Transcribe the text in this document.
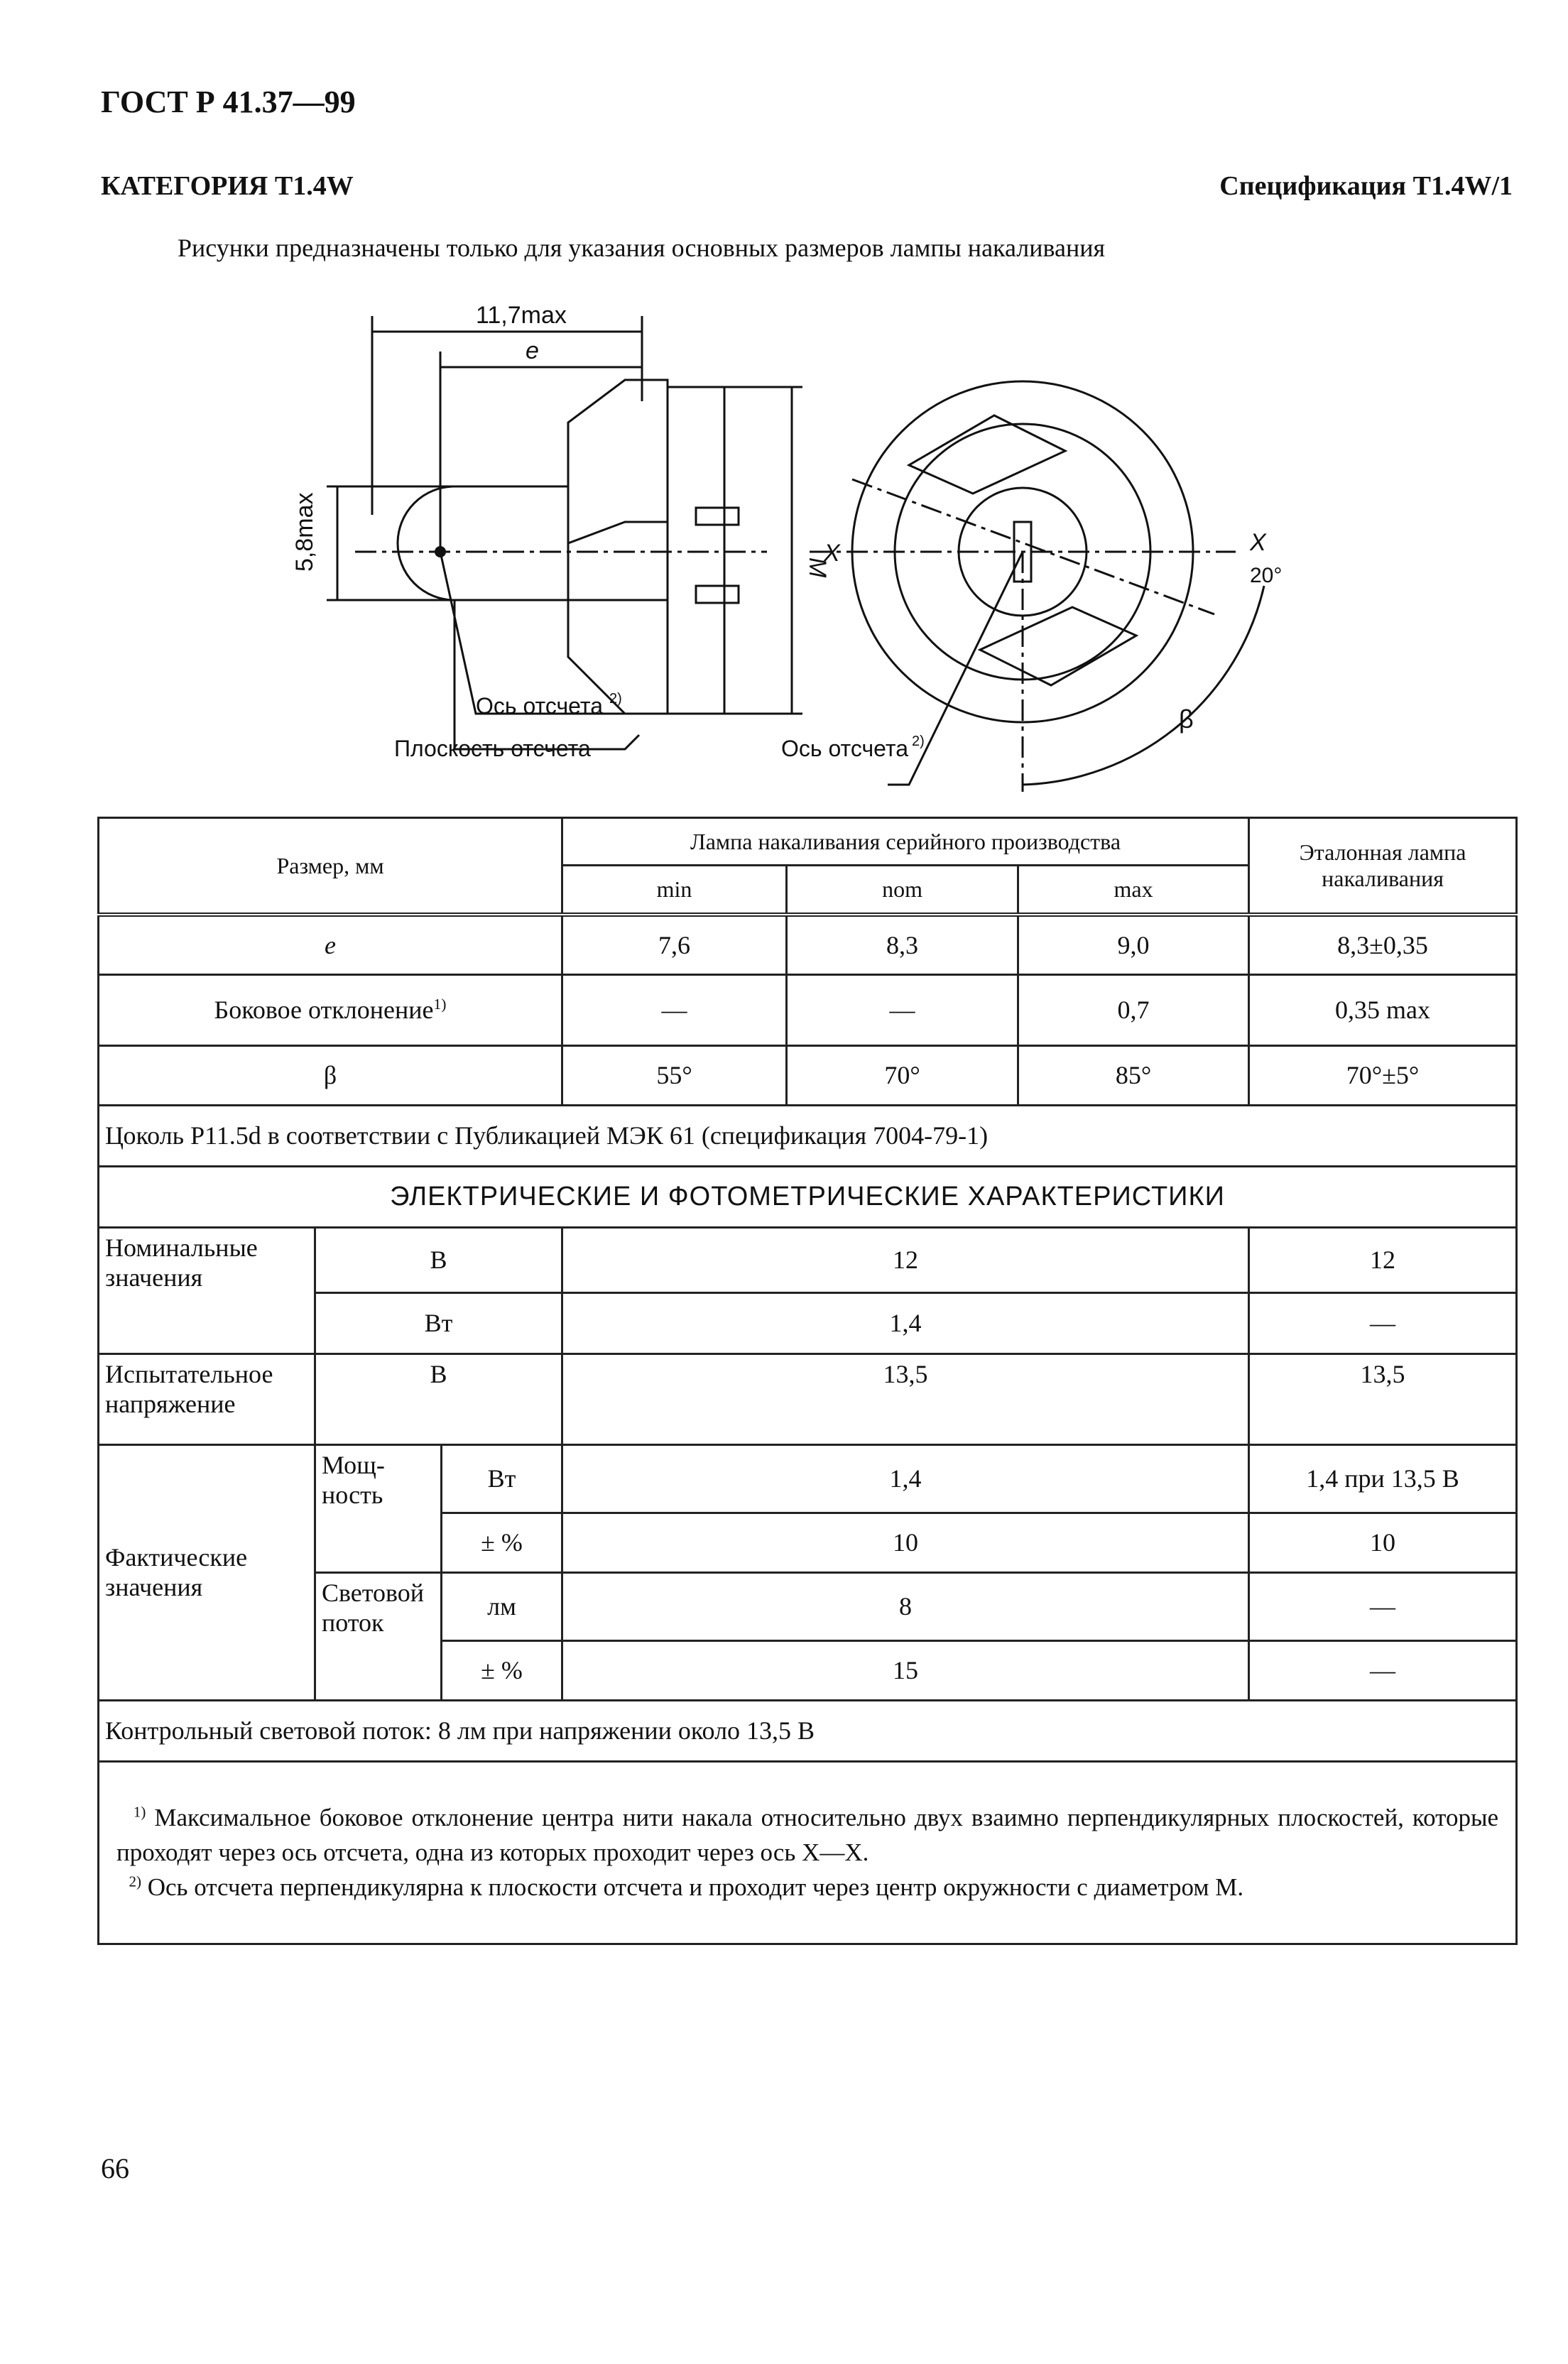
ГОСТ Р 41.37—99
КАТЕГОРИЯ Т1.4W	Спецификация Т1.4W/1
Рисунки предназначены только для указания основных размеров лампы накаливания
11,7max
e
5,8max	M
Ось отсчета 2)
Плоскость отсчета	Ось отсчета 2)
X	X
20°
β
Размер, мм			Лампа накаливания серийного производства			Эталонная лампа накаливания
			min	nom	max	
e			7,6	8,3	9,0	8,3±0,35
Боковое отклонение$^{1)}$			—	—	0,7	0,35 max
β			55°	70°	85°	70°±5°
Цоколь P11.5d в соответствии с Публикацией МЭК 61 (спецификация 7004-79-1)						
ЭЛЕКТРИЧЕСКИЕ И ФОТОМЕТРИЧЕСКИЕ ХАРАКТЕРИСТИКИ						
Номинальные значения	В		12			12
	Вт		1,4			—
Испытательное напряжение	В		13,5			13,5
Фактические значения	Мощ-ность	Вт	1,4			1,4 при 13,5 В
		± %	10			10
	Световой поток	лм	8			—
		± %	15			—
Контрольный световой поток: 8 лм при напряжении около 13,5 В						

$^{1)}$ Максимальное боковое отклонение центра нити накала относительно двух взаимно перпендикулярных плоскостей, которые проходят через ось отсчета, одна из которых проходит через ось X—X.

$^{2)}$ Ось отсчета перпендикулярна к плоскости отсчета и проходит через центр окружности с диаметром M.						

66
